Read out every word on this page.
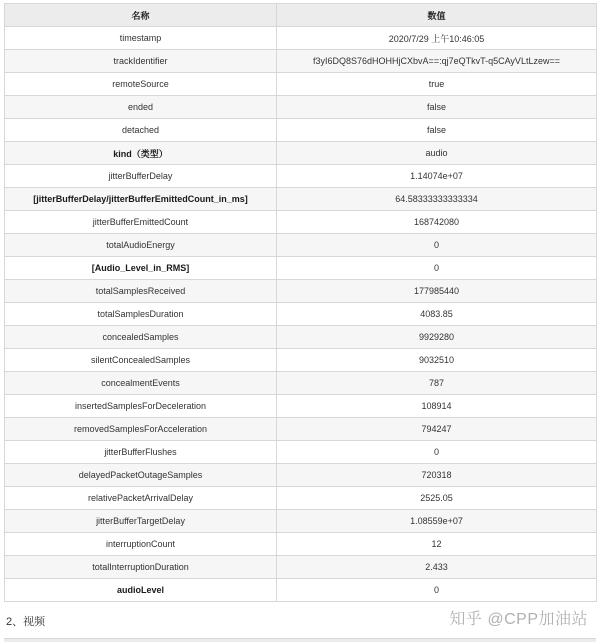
名称	数值
timestamp	2020/7/29 上午10:46:05
trackIdentifier	f3yI6DQ8S76dHOHHjCXbvA==:qj7eQTkvT-q5CAyVLtLzew==
remoteSource	true
ended	false
detached	false
kind（类型）	audio
jitterBufferDelay	1.14074e+07
[jitterBufferDelay/jitterBufferEmittedCount_in_ms]	64.58333333333334
jitterBufferEmittedCount	168742080
totalAudioEnergy	0
[Audio_Level_in_RMS]	0
totalSamplesReceived	177985440
totalSamplesDuration	4083.85
concealedSamples	9929280
silentConcealedSamples	9032510
concealmentEvents	787
insertedSamplesForDeceleration	108914
removedSamplesForAcceleration	794247
jitterBufferFlushes	0
delayedPacketOutageSamples	720318
relativePacketArrivalDelay	2525.05
jitterBufferTargetDelay	1.08559e+07
interruptionCount	12
totalInterruptionDuration	2.433
audioLevel	0
2、视频	知乎 @CPP加油站
